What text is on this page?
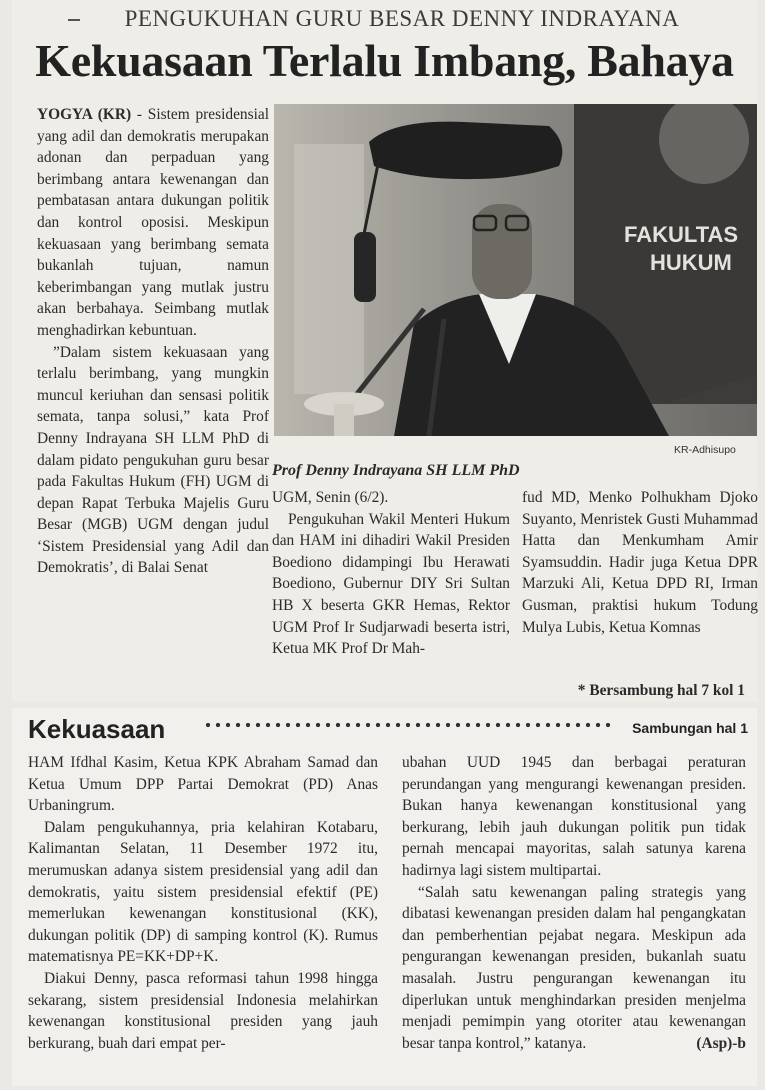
PENGUKUHAN GURU BESAR DENNY INDRAYANA
Kekuasaan Terlalu Imbang, Bahaya

YOGYA (KR) - Sistem presidensial yang adil dan demokratis merupakan adonan dan perpaduan yang berimbang antara kewenangan dan pembatasan antara dukungan politik dan kontrol oposisi. Meskipun kekuasaan yang berimbang semata bukanlah tujuan, namun keberimbangan yang mutlak justru akan berbahaya. Seimbang mutlak menghadirkan kebuntuan.

”Dalam sistem kekuasaan yang terlalu berimbang, yang mungkin muncul keriuhan dan sensasi politik semata, tanpa solusi,” kata Prof Denny Indrayana SH LLM PhD di dalam pidato pengukuhan guru besar pada Fakultas Hukum (FH) UGM di depan Rapat Terbuka Majelis Guru Besar (MGB) UGM dengan judul ‘Sistem Presidensial yang Adil dan Demokratis’, di Balai Senat

FAKULTAS
HUKUM
KR-Adhisupo
Prof Denny Indrayana SH LLM PhD

UGM, Senin (6/2).

Pengukuhan Wakil Menteri Hukum dan HAM ini dihadiri Wakil Presiden Boediono didampingi Ibu Herawati Boediono, Gubernur DIY Sri Sultan HB X beserta GKR Hemas, Rektor UGM Prof Ir Sudjarwadi beserta istri, Ketua MK Prof Dr Mah-

fud MD, Menko Polhukham Djoko Suyanto, Menristek Gusti Muhammad Hatta dan Menkumham Amir Syamsuddin. Hadir juga Ketua DPR Marzuki Ali, Ketua DPD RI, Irman Gusman, praktisi hukum Todung Mulya Lubis, Ketua Komnas

* Bersambung hal 7 kol 1
Kekuasaan	Sambungan hal 1

HAM Ifdhal Kasim, Ketua KPK Abraham Samad dan Ketua Umum DPP Partai Demokrat (PD) Anas Urbaningrum.

Dalam pengukuhannya, pria kelahiran Kotabaru, Kalimantan Selatan, 11 Desember 1972 itu, merumuskan adanya sistem presidensial yang adil dan demokratis, yaitu sistem presidensial efektif (PE) memerlukan kewenangan konstitusional (KK), dukungan politik (DP) di samping kontrol (K). Rumus matematisnya PE=KK+DP+K.

Diakui Denny, pasca reformasi tahun 1998 hingga sekarang, sistem presidensial Indonesia melahirkan kewenangan konstitusional presiden yang jauh berkurang, buah dari empat per-

ubahan UUD 1945 dan berbagai peraturan perundangan yang mengurangi kewenangan presiden. Bukan hanya kewenangan konstitusional yang berkurang, lebih jauh dukungan politik pun tidak pernah mencapai mayoritas, salah satunya karena hadirnya lagi sistem multipartai.

“Salah satu kewenangan paling strategis yang dibatasi kewenangan presiden dalam hal pengangkatan dan pemberhentian pejabat negara. Meskipun ada pengurangan kewenangan presiden, bukanlah suatu masalah. Justru pengurangan kewenangan itu diperlukan untuk menghindarkan presiden menjelma menjadi pemimpin yang otoriter atau kewenangan besar tanpa kontrol,” katanya.	(Asp)-b
